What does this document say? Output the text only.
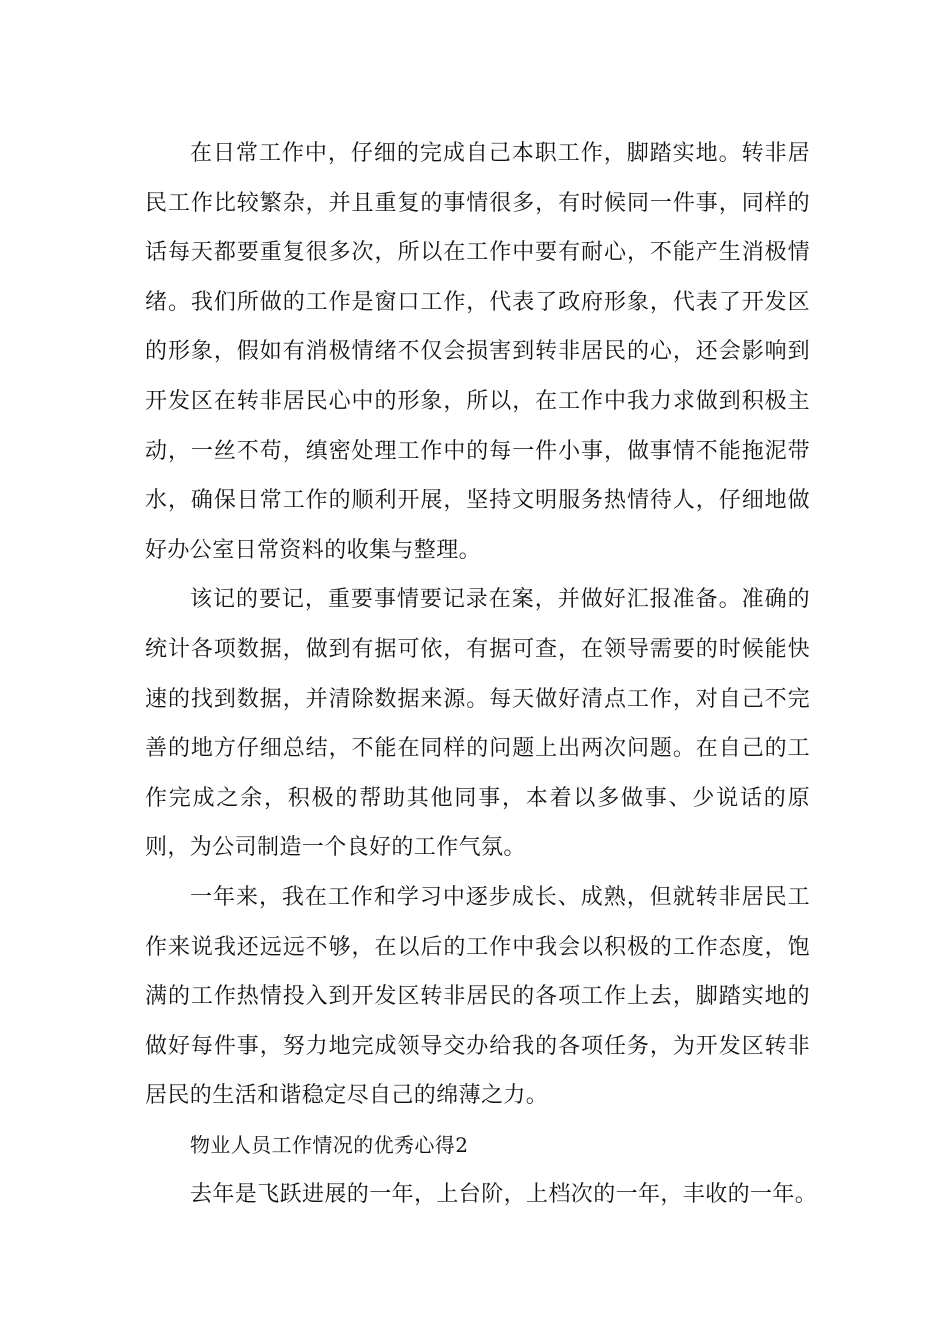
在日常工作中，仔细的完成自己本职工作，脚踏实地。转非居民工作比较繁杂，并且重复的事情很多，有时候同一件事，同样的话每天都要重复很多次，所以在工作中要有耐心，不能产生消极情绪。我们所做的工作是窗口工作，代表了政府形象，代表了开发区的形象，假如有消极情绪不仅会损害到转非居民的心，还会影响到开发区在转非居民心中的形象，所以，在工作中我力求做到积极主动，一丝不苟，缜密处理工作中的每一件小事，做事情不能拖泥带水，确保日常工作的顺利开展，坚持文明服务热情待人，仔细地做好办公室日常资料的收集与整理。

该记的要记，重要事情要记录在案，并做好汇报准备。准确的统计各项数据，做到有据可依，有据可查，在领导需要的时候能快速的找到数据，并清除数据来源。每天做好清点工作，对自己不完善的地方仔细总结，不能在同样的问题上出两次问题。在自己的工作完成之余，积极的帮助其他同事，本着以多做事、少说话的原则，为公司制造一个良好的工作气氛。

一年来，我在工作和学习中逐步成长、成熟，但就转非居民工作来说我还远远不够，在以后的工作中我会以积极的工作态度，饱满的工作热情投入到开发区转非居民的各项工作上去，脚踏实地的做好每件事，努力地完成领导交办给我的各项任务，为开发区转非居民的生活和谐稳定尽自己的绵薄之力。

物业人员工作情况的优秀心得2

去年是飞跃进展的一年，上台阶，上档次的一年，丰收的一年。
